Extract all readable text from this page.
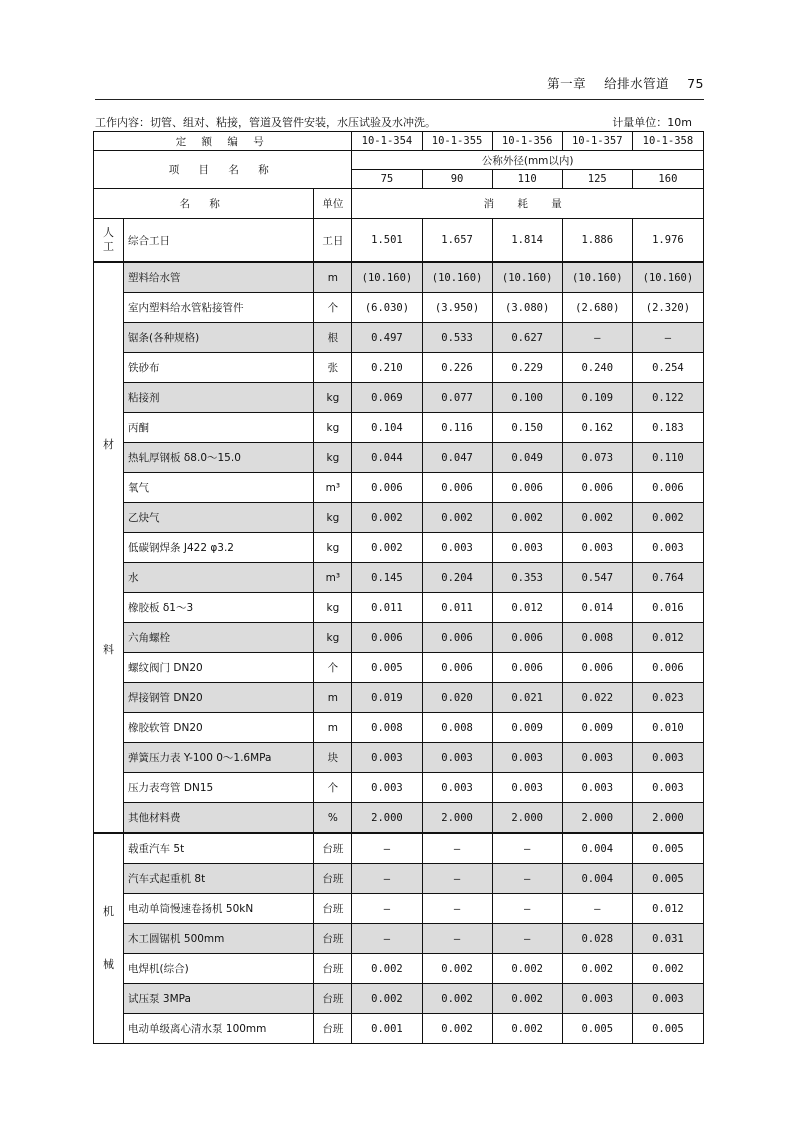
第一章 给排水管道 75
工作内容：切管、组对、粘接，管道及管件安装，水压试验及水冲洗。	计量单位：10m
定 额 编 号			10-1-354	10-1-355	10-1-356	10-1-357	10-1-358
项 目 名 称			公称外径(mm以内)				
			75	90	110	125	160
名 称		单位	消 耗 量				

人工	综合工日	工日	1.501	1.657	1.814	1.886	1.976

材
料	塑料给水管	m	(10.160)	(10.160)	(10.160)	(10.160)	(10.160)
	室内塑料给水管粘接管件	个	(6.030)	(3.950)	(3.080)	(2.680)	(2.320)
	锯条(各种规格)	根	0.497	0.533	0.627	—	—
	铁砂布	张	0.210	0.226	0.229	0.240	0.254
	粘接剂	kg	0.069	0.077	0.100	0.109	0.122
	丙酮	kg	0.104	0.116	0.150	0.162	0.183
	热轧厚钢板 δ8.0～15.0	kg	0.044	0.047	0.049	0.073	0.110
	氧气	m³	0.006	0.006	0.006	0.006	0.006
	乙炔气	kg	0.002	0.002	0.002	0.002	0.002
	低碳钢焊条 J422 φ3.2	kg	0.002	0.003	0.003	0.003	0.003
	水	m³	0.145	0.204	0.353	0.547	0.764
	橡胶板 δ1～3	kg	0.011	0.011	0.012	0.014	0.016
	六角螺栓	kg	0.006	0.006	0.006	0.008	0.012
	螺纹阀门 DN20	个	0.005	0.006	0.006	0.006	0.006
	焊接钢管 DN20	m	0.019	0.020	0.021	0.022	0.023
	橡胶软管 DN20	m	0.008	0.008	0.009	0.009	0.010
	弹簧压力表 Y-100 0～1.6MPa	块	0.003	0.003	0.003	0.003	0.003
	压力表弯管 DN15	个	0.003	0.003	0.003	0.003	0.003
	其他材料费	%	2.000	2.000	2.000	2.000	2.000

机
械	载重汽车 5t	台班	—	—	—	0.004	0.005
	汽车式起重机 8t	台班	—	—	—	0.004	0.005
	电动单筒慢速卷扬机 50kN	台班	—	—	—	—	0.012
	木工圆锯机 500mm	台班	—	—	—	0.028	0.031
	电焊机(综合)	台班	0.002	0.002	0.002	0.002	0.002
	试压泵 3MPa	台班	0.002	0.002	0.002	0.003	0.003
	电动单级离心清水泵 100mm	台班	0.001	0.002	0.002	0.005	0.005
